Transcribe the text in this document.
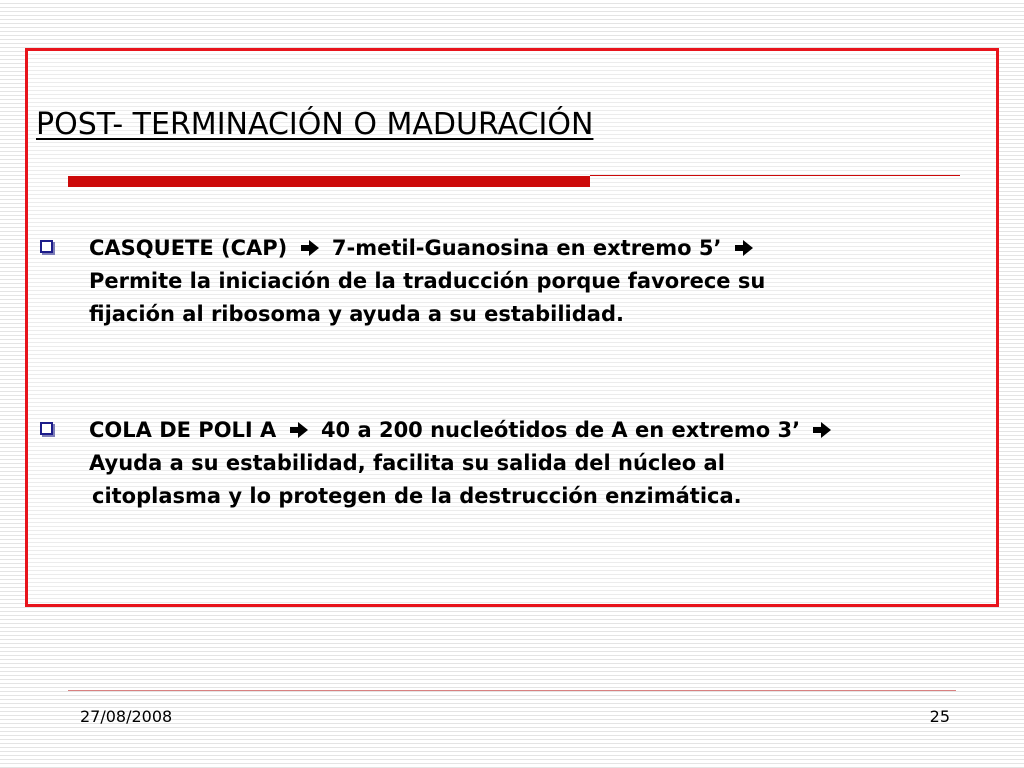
POST- TERMINACIÓN O MADURACIÓN
CASQUETE (CAP) 7-metil-Guanosina en extremo 5’
Permite la iniciación de la traducción porque favorece su
fijación al ribosoma y ayuda a su estabilidad.
COLA DE POLI A 40 a 200 nucleótidos de A en extremo 3’
Ayuda a su estabilidad, facilita su salida del núcleo al
citoplasma y lo protegen de la destrucción enzimática.
27/08/2008	25
